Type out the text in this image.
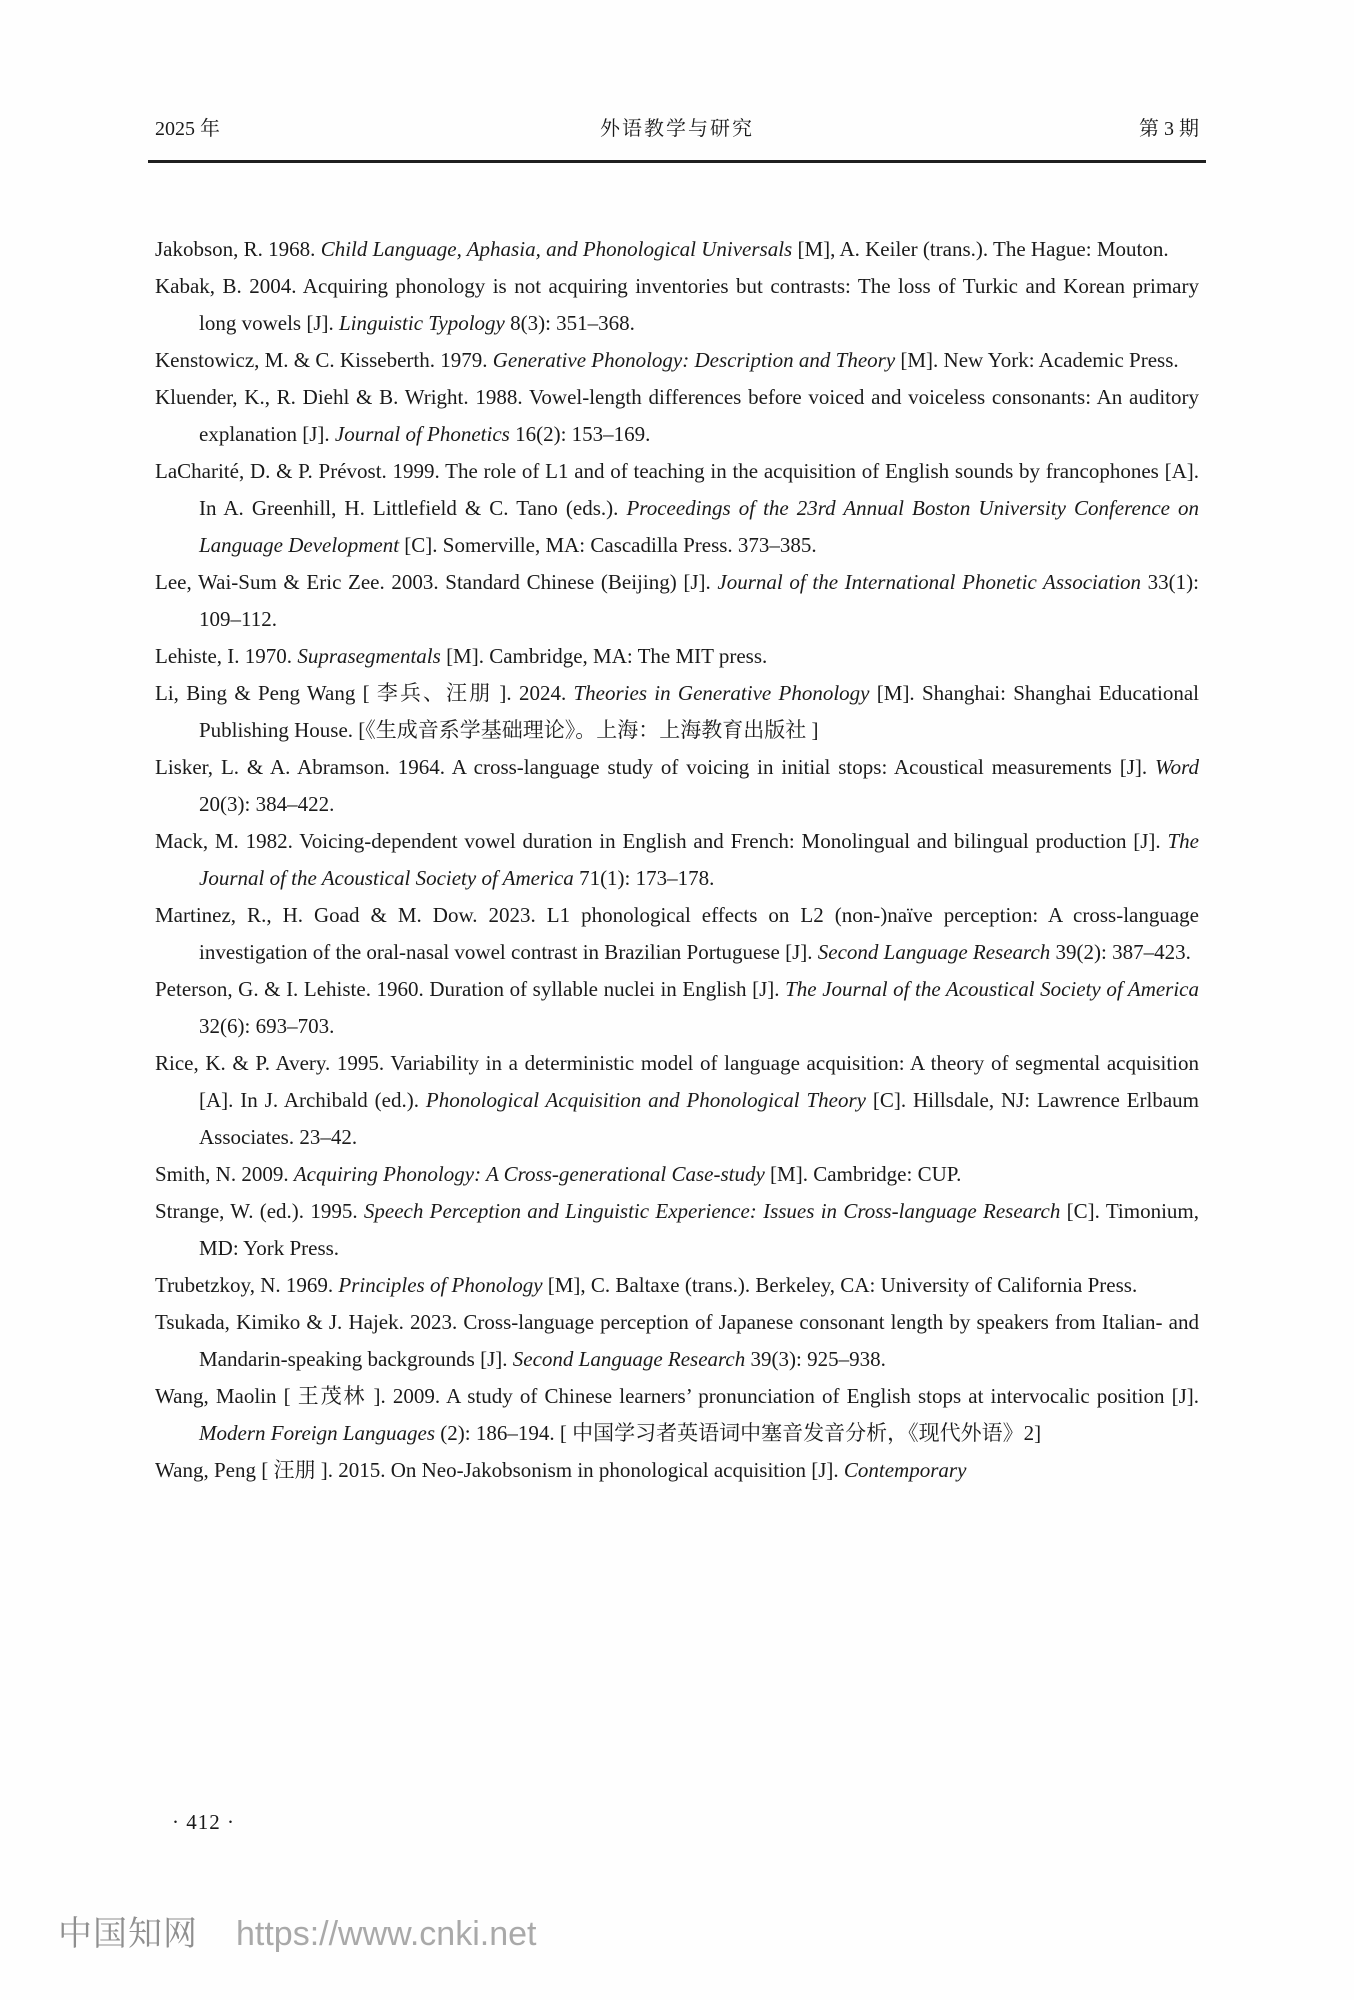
2025 年	外语教学与研究	第 3 期

Jakobson, R. 1968. Child Language, Aphasia, and Phonological Universals [M], A. Keiler (trans.). The Hague: Mouton.

Kabak, B. 2004. Acquiring phonology is not acquiring inventories but contrasts: The loss of Turkic and Korean primary long vowels [J]. Linguistic Typology 8(3): 351–368.

Kenstowicz, M. & C. Kisseberth. 1979. Generative Phonology: Description and Theory [M]. New York: Academic Press.

Kluender, K., R. Diehl & B. Wright. 1988. Vowel-length differences before voiced and voiceless consonants: An auditory explanation [J]. Journal of Phonetics 16(2): 153–169.

LaCharité, D. & P. Prévost. 1999. The role of L1 and of teaching in the acquisition of English sounds by francophones [A]. In A. Greenhill, H. Littlefield & C. Tano (eds.). Proceedings of the 23rd Annual Boston University Conference on Language Development [C]. Somerville, MA: Cascadilla Press. 373–385.

Lee, Wai-Sum & Eric Zee. 2003. Standard Chinese (Beijing) [J]. Journal of the International Phonetic Association 33(1): 109–112.

Lehiste, I. 1970. Suprasegmentals [M]. Cambridge, MA: The MIT press.

Li, Bing & Peng Wang [ 李兵、汪朋 ]. 2024. Theories in Generative Phonology [M]. Shanghai: Shanghai Educational Publishing House. [《生成音系学基础理论》。上海：上海教育出版社 ]

Lisker, L. & A. Abramson. 1964. A cross-language study of voicing in initial stops: Acoustical measurements [J]. Word 20(3): 384–422.

Mack, M. 1982. Voicing-dependent vowel duration in English and French: Monolingual and bilingual production [J]. The Journal of the Acoustical Society of America 71(1): 173–178.

Martinez, R., H. Goad & M. Dow. 2023. L1 phonological effects on L2 (non-)naïve perception: A cross-language investigation of the oral-nasal vowel contrast in Brazilian Portuguese [J]. Second Language Research 39(2): 387–423.

Peterson, G. & I. Lehiste. 1960. Duration of syllable nuclei in English [J]. The Journal of the Acoustical Society of America 32(6): 693–703.

Rice, K. & P. Avery. 1995. Variability in a deterministic model of language acquisition: A theory of segmental acquisition [A]. In J. Archibald (ed.). Phonological Acquisition and Phonological Theory [C]. Hillsdale, NJ: Lawrence Erlbaum Associates. 23–42.

Smith, N. 2009. Acquiring Phonology: A Cross-generational Case-study [M]. Cambridge: CUP.

Strange, W. (ed.). 1995. Speech Perception and Linguistic Experience: Issues in Cross-language Research [C]. Timonium, MD: York Press.

Trubetzkoy, N. 1969. Principles of Phonology [M], C. Baltaxe (trans.). Berkeley, CA: University of California Press.

Tsukada, Kimiko & J. Hajek. 2023. Cross-language perception of Japanese consonant length by speakers from Italian- and Mandarin-speaking backgrounds [J]. Second Language Research 39(3): 925–938.

Wang, Maolin [ 王茂林 ]. 2009. A study of Chinese learners’ pronunciation of English stops at intervocalic position [J]. Modern Foreign Languages (2): 186–194. [ 中国学习者英语词中塞音发音分析，《现代外语》2]

Wang, Peng [ 汪朋 ]. 2015. On Neo-Jakobsonism in phonological acquisition [J]. Contemporary

· 412 ·
中国知网 https://www.cnki.net
